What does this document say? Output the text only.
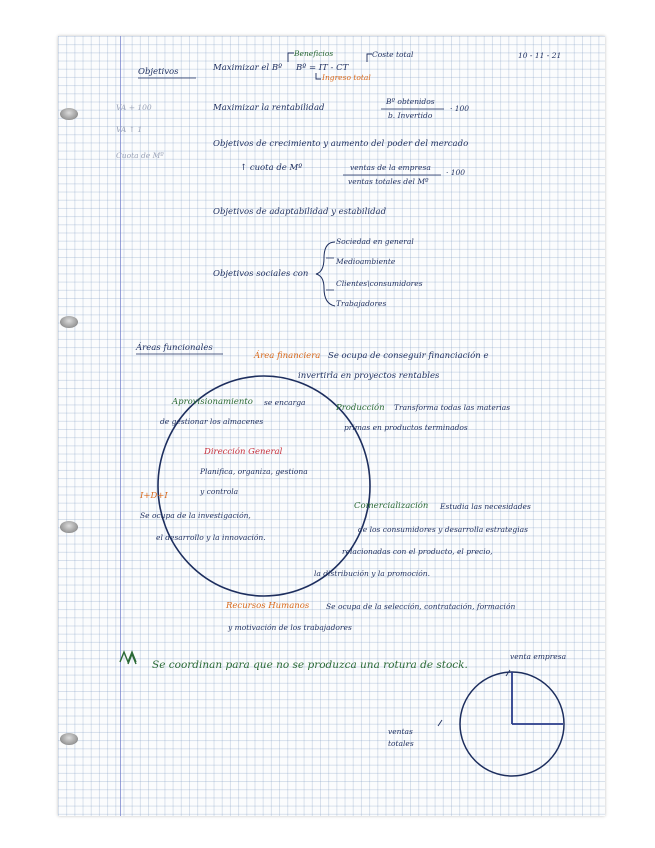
10 - 11 - 21
Objetivos	Maximizar el Bº
Beneficios	Coste total
Bº = IT - CT
Ingreso total
VA + 100
VA ↑ 1
Cuota de Mº
Maximizar la rentabilidad
Bº obtenidos
b. Invertido
· 100
Objetivos de crecimiento y aumento del poder del mercado
↑ cuota de Mº	ventas de la empresa
ventas totales del Mº
· 100
Objetivos de adaptabilidad y estabilidad
Objetivos sociales con
Sociedad en general
Medioambiente
Clientes\consumidores
Trabajadores
Áreas funcionales
Área financiera Se ocupa de conseguir financiación e
invertirla en proyectos rentables
Aprovisionamiento se encarga
de gestionar los almacenes
Producción Transforma todas las materias
primas en productos terminados
Dirección General
Planifica, organiza, gestiona
y controla
I+D+I
Se ocupa de la investigación,
el desarrollo y la innovación.
Comercialización Estudia las necesidades
de los consumidores y desarrolla estrategias
relacionadas con el producto, el precio,
la distribución y la promoción.
Recursos Humanos Se ocupa de la selección, contratación, formación
y motivación de los trabajadores
Se coordinan para que no se produzca una rotura de stock.
venta empresa
ventas
totales
